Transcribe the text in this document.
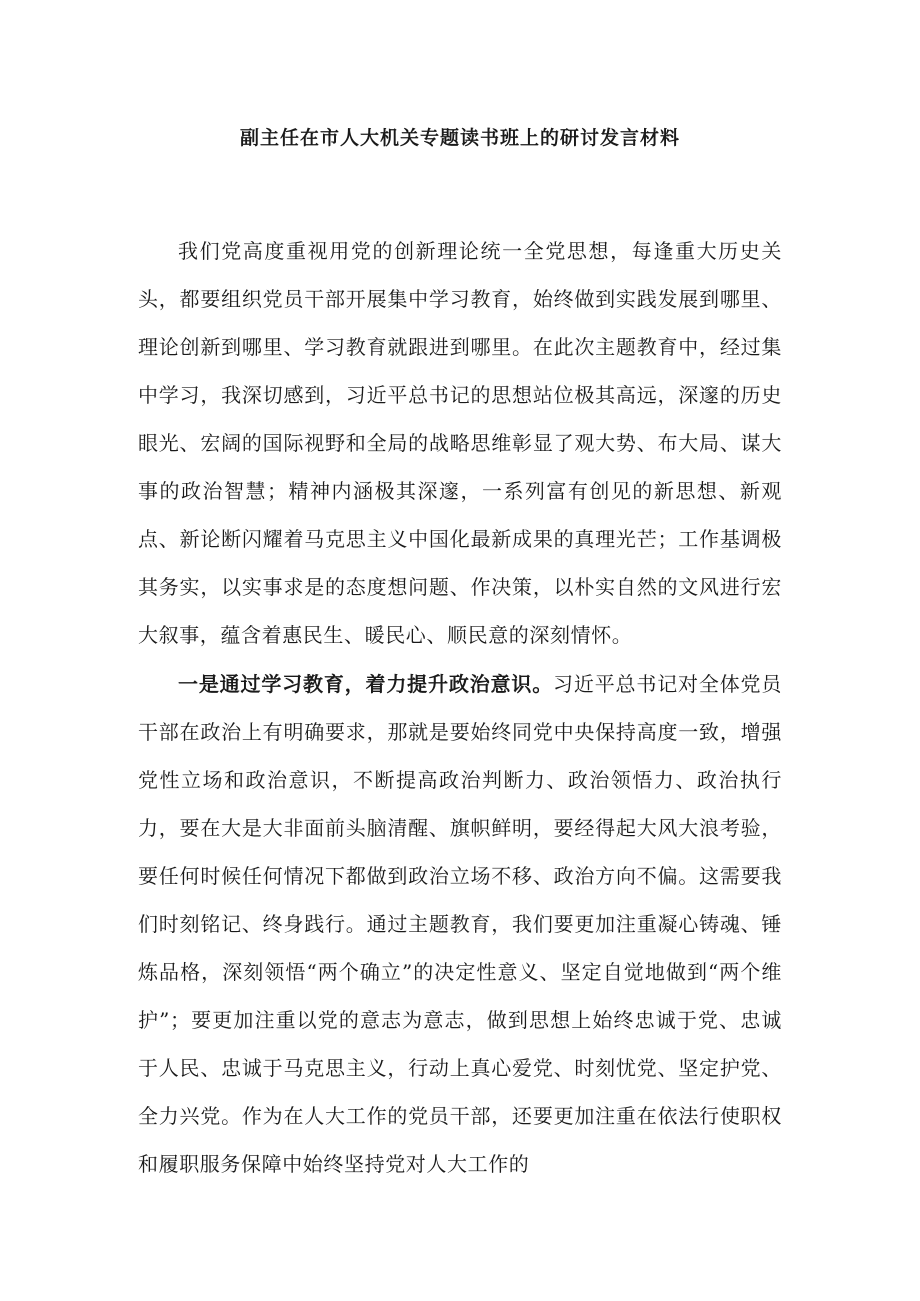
副主任在市人大机关专题读书班上的研讨发言材料

我们党高度重视用党的创新理论统一全党思想，每逢重大历史关头，都要组织党员干部开展集中学习教育，始终做到实践发展到哪里、理论创新到哪里、学习教育就跟进到哪里。在此次主题教育中，经过集中学习，我深切感到，习近平总书记的思想站位极其高远，深邃的历史眼光、宏阔的国际视野和全局的战略思维彰显了观大势、布大局、谋大事的政治智慧；精神内涵极其深邃，一系列富有创见的新思想、新观点、新论断闪耀着马克思主义中国化最新成果的真理光芒；工作基调极其务实，以实事求是的态度想问题、作决策，以朴实自然的文风进行宏大叙事，蕴含着惠民生、暖民心、顺民意的深刻情怀。

一是通过学习教育，着力提升政治意识。习近平总书记对全体党员干部在政治上有明确要求，那就是要始终同党中央保持高度一致，增强党性立场和政治意识，不断提高政治判断力、政治领悟力、政治执行力，要在大是大非面前头脑清醒、旗帜鲜明，要经得起大风大浪考验，要任何时候任何情况下都做到政治立场不移、政治方向不偏。这需要我们时刻铭记、终身践行。通过主题教育，我们要更加注重凝心铸魂、锤炼品格，深刻领悟“两个确立”的决定性意义、坚定自觉地做到“两个维护”；要更加注重以党的意志为意志，做到思想上始终忠诚于党、忠诚于人民、忠诚于马克思主义，行动上真心爱党、时刻忧党、坚定护党、全力兴党。作为在人大工作的党员干部，还要更加注重在依法行使职权和履职服务保障中始终坚持党对人大工作的
